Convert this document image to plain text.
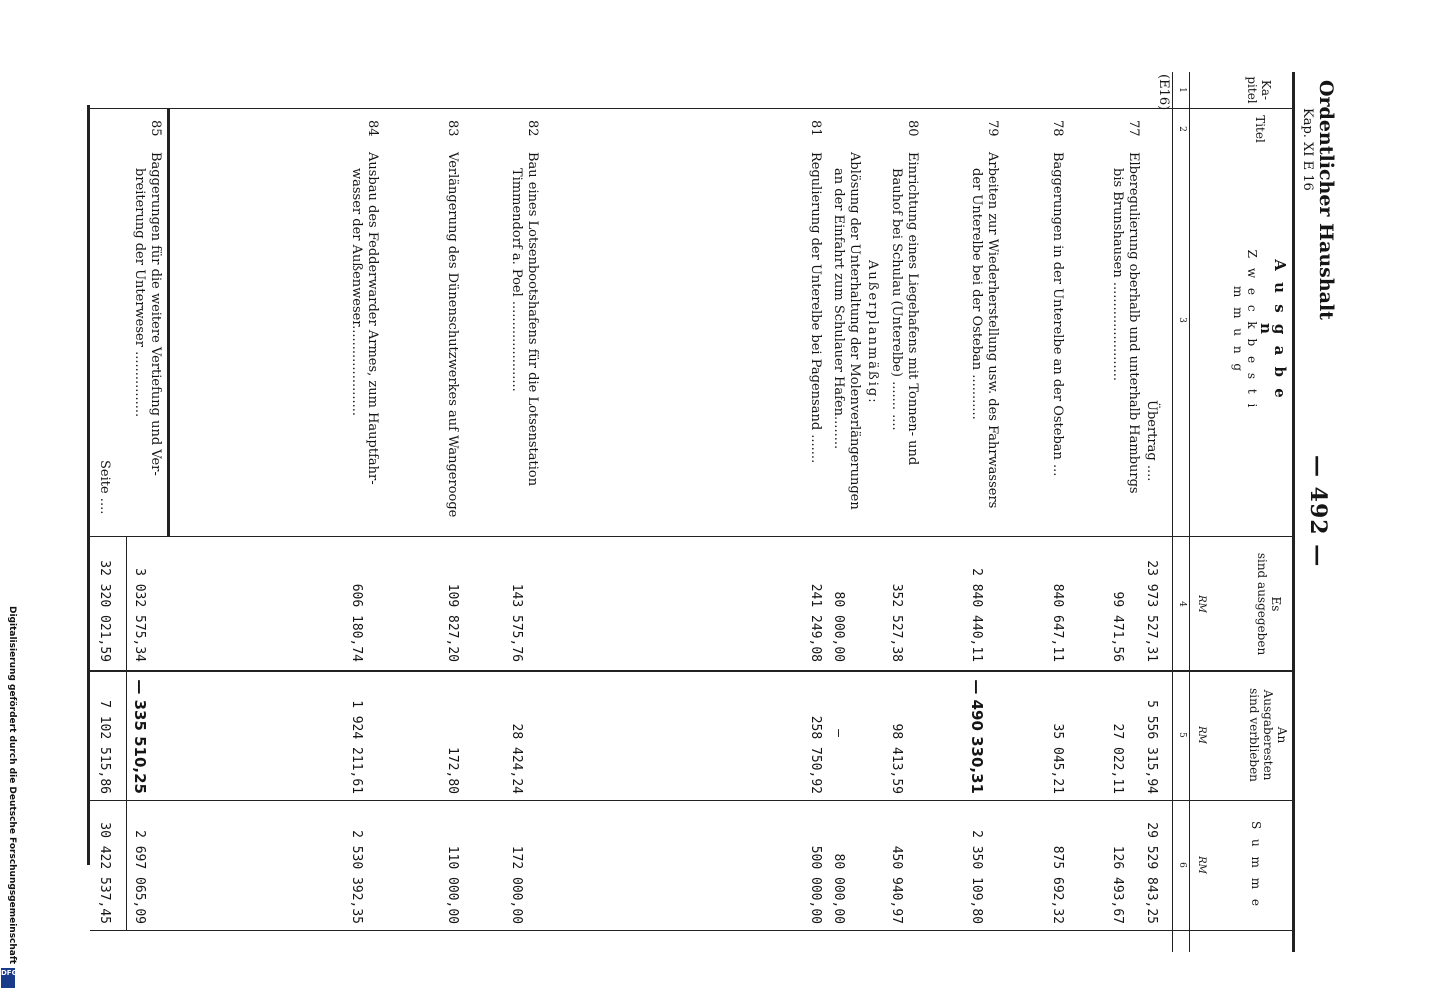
Ordentlicher Haushalt
Kap. XI E 16
— 492 —
Ka-
pitel
Titel
A u s g a b e n
Z w e c k b e s t i m m u n g
Es
sind ausgegeben
An
Ausgaberesten
sind verblieben
S u m m e
RM
RM
RM
1
2
3
4
5
6
(E16)
Übertrag ....
23 973 527,31
5 556 315,94
29 529 843,25
77
Elberegulierung oberhalb und unterhalb Hamburgs
bis Brunshausen ........................
99 471,56
27 022,11
126 493,67
78
Baggerungen in der Unterelbe an der Osteban ...
840 647,11
35 045,21
875 692,32
79
Arbeiten zur Wiederherstellung usw. des Fahrwassers
der Unterelbe bei der Osteban ...........
2 840 440,11
— 490 330,31
2 350 109,80
80
Einrichtung eines Liegehafens mit Tonnen- und
Bauhof bei Schulau (Unterelbe) ....... ....
352 527,38
98 413,59
450 940,97
Außerplanmäßig:
Ablösung der Unterhaltung der Molenverlängerungen
an der Einfahrt zum Schulauer Hafen........
80 000,00
—
80 000,00
81
Regulierung der Unterelbe bei Pagensand .......
241 249,08
258 750,92
500 000,00
82
Bau eines Lotsenbootshafens für die Lotsenstation
Timmendorf a. Poel ......................
143 575,76
28 424,24
172 000,00
83
Verlängerung des Dünenschutzwerkes auf Wangerooge
109 827,20
172,80
110 000,00
84
Ausbau des Fedderwarder Armes, zum Hauptfahr-
wasser der Außenweser......................
606 180,74
1 924 211,61
2 530 392,35
85
Baggerungen für die weitere Vertiefung und Ver-
breiterung der Unterweser ................
3 032 575,34
— 335 510,25
2 697 065,09
Seite ....
32 320 021,59
7 102 515,86
30 422 537,45
Digitalisierung gefördert durch die Deutsche Forschungsgemeinschaft
DFG
